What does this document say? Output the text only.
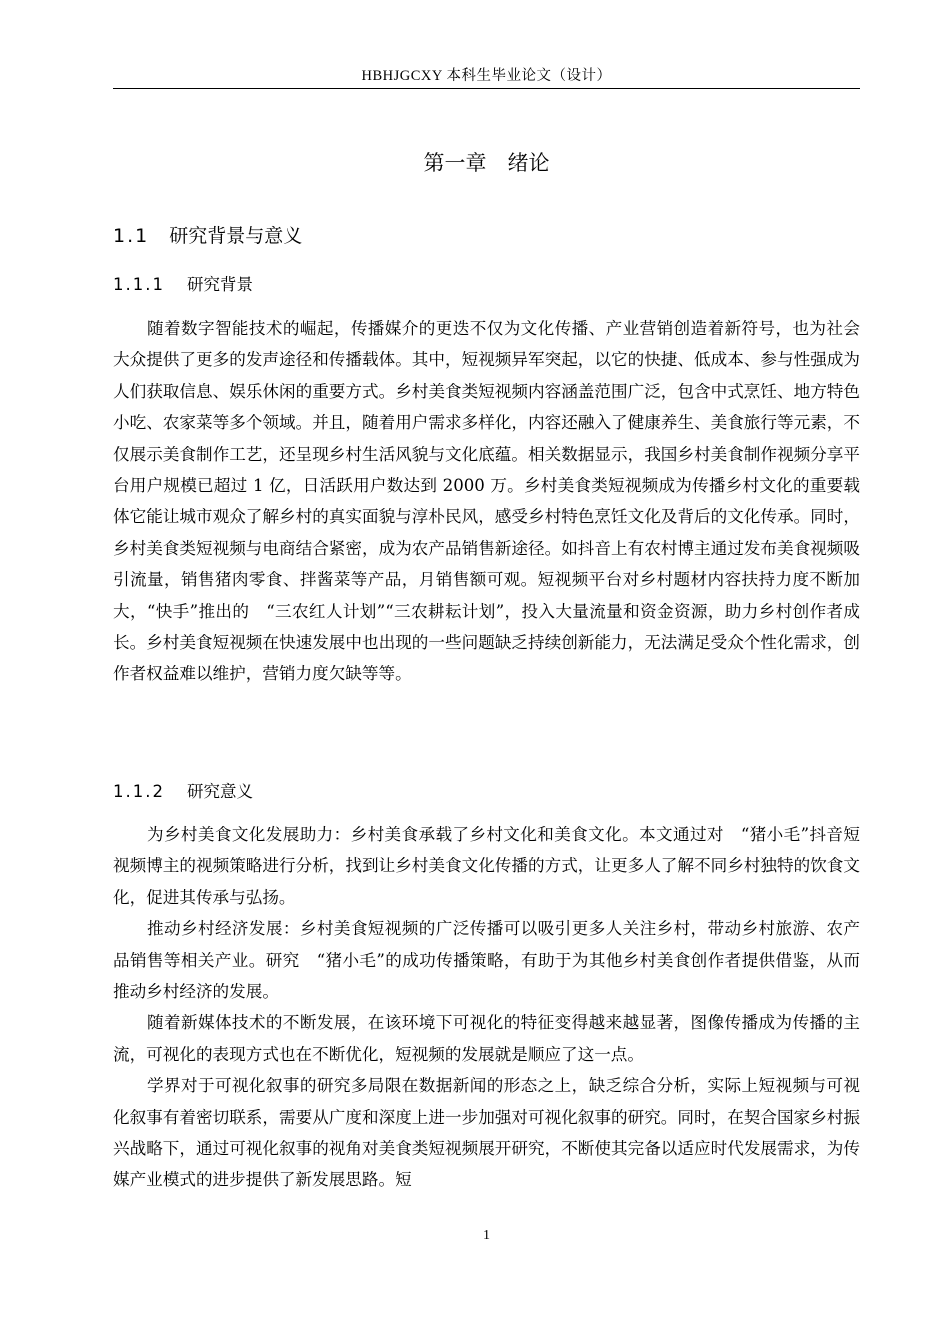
HBHJGCXY 本科生毕业论文（设计）
第一章　绪论
1.1 研究背景与意义
1.1.1 研究背景

随着数字智能技术的崛起，传播媒介的更迭不仅为文化传播、产业营销创造着新符号，也为社会大众提供了更多的发声途径和传播载体。其中，短视频异军突起，以它的快捷、低成本、参与性强成为人们获取信息、娱乐休闲的重要方式。乡村美食类短视频内容涵盖范围广泛，包含中式烹饪、地方特色小吃、农家菜等多个领域。并且，随着用户需求多样化，内容还融入了健康养生、美食旅行等元素，不仅展示美食制作工艺，还呈现乡村生活风貌与文化底蕴。相关数据显示，我国乡村美食制作视频分享平台用户规模已超过 1 亿，日活跃用户数达到 2000 万。乡村美食类短视频成为传播乡村文化的重要载体它能让城市观众了解乡村的真实面貌与淳朴民风，感受乡村特色烹饪文化及背后的文化传承。同时，乡村美食类短视频与电商结合紧密，成为农产品销售新途径。如抖音上有农村博主通过发布美食视频吸引流量，销售猪肉零食、拌酱菜等产品，月销售额可观。短视频平台对乡村题材内容扶持力度不断加大，“快手”推出的　“三农红人计划”“三农耕耘计划”，投入大量流量和资金资源，助力乡村创作者成长。乡村美食短视频在快速发展中也出现的一些问题缺乏持续创新能力，无法满足受众个性化需求，创作者权益难以维护，营销力度欠缺等等。

1.1.2 研究意义

为乡村美食文化发展助力：乡村美食承载了乡村文化和美食文化。本文通过对　“猪小毛”抖音短视频博主的视频策略进行分析，找到让乡村美食文化传播的方式，让更多人了解不同乡村独特的饮食文化，促进其传承与弘扬。

推动乡村经济发展：乡村美食短视频的广泛传播可以吸引更多人关注乡村，带动乡村旅游、农产品销售等相关产业。研究　“猪小毛”的成功传播策略，有助于为其他乡村美食创作者提供借鉴，从而推动乡村经济的发展。

随着新媒体技术的不断发展，在该环境下可视化的特征变得越来越显著，图像传播成为传播的主流，可视化的表现方式也在不断优化，短视频的发展就是顺应了这一点。

学界对于可视化叙事的研究多局限在数据新闻的形态之上，缺乏综合分析，实际上短视频与可视化叙事有着密切联系，需要从广度和深度上进一步加强对可视化叙事的研究。同时，在契合国家乡村振兴战略下，通过可视化叙事的视角对美食类短视频展开研究，不断使其完备以适应时代发展需求，为传媒产业模式的进步提供了新发展思路。短

1
